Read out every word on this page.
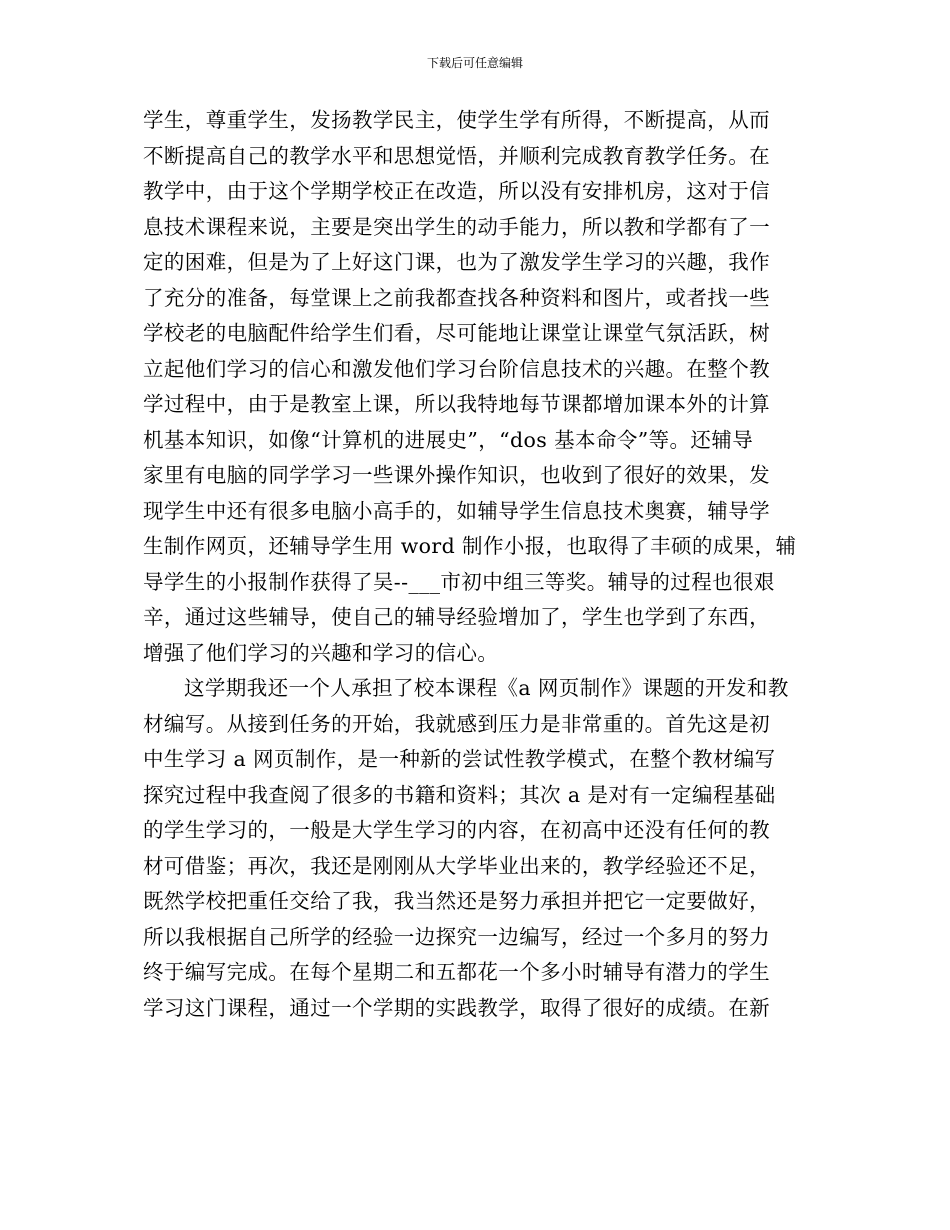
下载后可任意编辑
学生，尊重学生，发扬教学民主，使学生学有所得，不断提高，从而
不断提高自己的教学水平和思想觉悟，并顺利完成教育教学任务。在
教学中，由于这个学期学校正在改造，所以没有安排机房，这对于信
息技术课程来说，主要是突出学生的动手能力，所以教和学都有了一
定的困难，但是为了上好这门课，也为了激发学生学习的兴趣，我作
了充分的准备，每堂课上之前我都查找各种资料和图片，或者找一些
学校老的电脑配件给学生们看，尽可能地让课堂让课堂气氛活跃，树
立起他们学习的信心和激发他们学习台阶信息技术的兴趣。在整个教
学过程中，由于是教室上课，所以我特地每节课都增加课本外的计算
机基本知识，如像“计算机的进展史”，“dos 基本命令”等。还辅导
家里有电脑的同学学习一些课外操作知识，也收到了很好的效果，发
现学生中还有很多电脑小高手的，如辅导学生信息技术奥赛，辅导学
生制作网页，还辅导学生用 word 制作小报，也取得了丰硕的成果，辅
导学生的小报制作获得了吴--___市初中组三等奖。辅导的过程也很艰
辛，通过这些辅导，使自己的辅导经验增加了，学生也学到了东西，
增强了他们学习的兴趣和学习的信心。
这学期我还一个人承担了校本课程《a 网页制作》课题的开发和教
材编写。从接到任务的开始，我就感到压力是非常重的。首先这是初
中生学习 a 网页制作，是一种新的尝试性教学模式，在整个教材编写
探究过程中我查阅了很多的书籍和资料；其次 a 是对有一定编程基础
的学生学习的，一般是大学生学习的内容，在初高中还没有任何的教
材可借鉴；再次，我还是刚刚从大学毕业出来的，教学经验还不足，
既然学校把重任交给了我，我当然还是努力承担并把它一定要做好，
所以我根据自己所学的经验一边探究一边编写，经过一个多月的努力
终于编写完成。在每个星期二和五都花一个多小时辅导有潜力的学生
学习这门课程，通过一个学期的实践教学，取得了很好的成绩。在新
